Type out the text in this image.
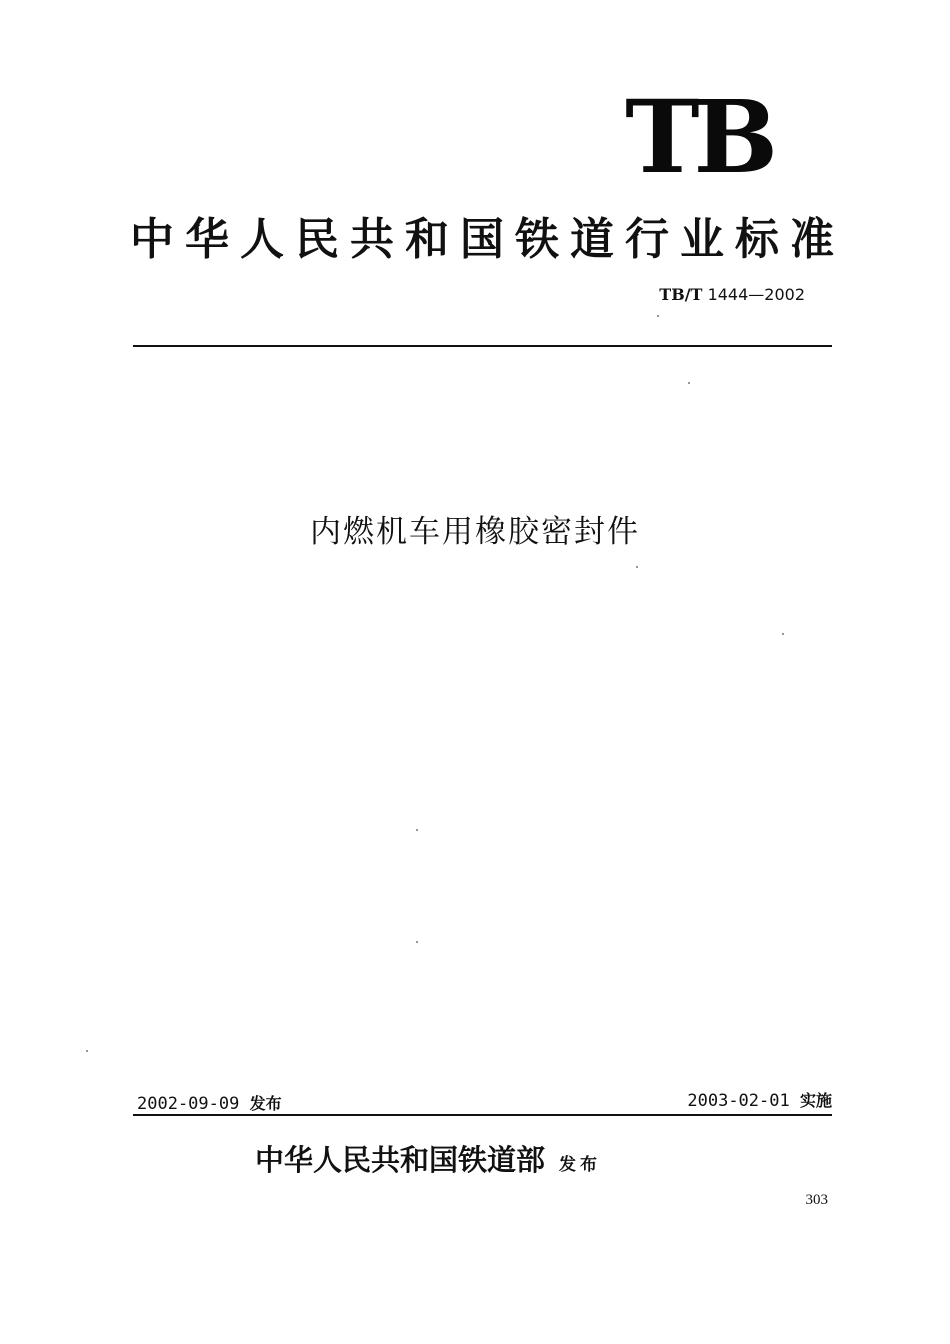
TB
中华人民共和国铁道行业标准
TB/T 1444—2002
内燃机车用橡胶密封件
2002-09-09 发布	2003-02-01 实施
中华人民共和国铁道部 发布
303
